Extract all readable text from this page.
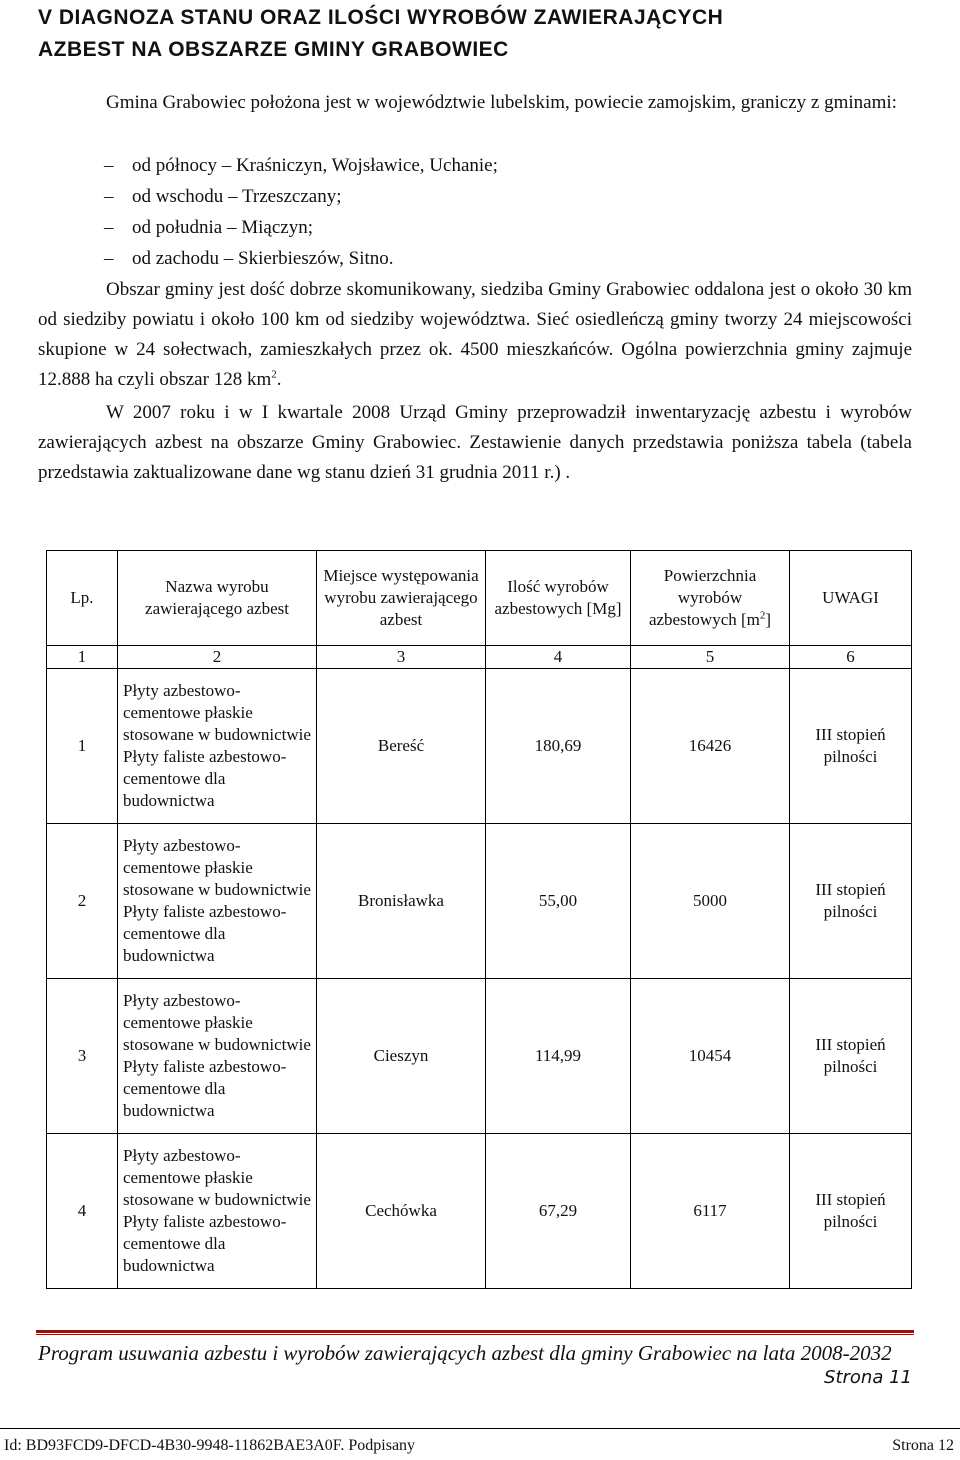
V DIAGNOZA STANU ORAZ ILOŚCI WYROBÓW ZAWIERAJĄCYCH
AZBEST NA OBSZARZE GMINY GRABOWIEC

Gmina Grabowiec położona jest w województwie lubelskim, powiecie zamojskim, graniczy z gminami:

– od północy – Kraśniczyn, Wojsławice, Uchanie;
– od wschodu – Trzeszczany;
– od południa – Miączyn;
– od zachodu – Skierbieszów, Sitno.

Obszar gminy jest dość dobrze skomunikowany, siedziba Gminy Grabowiec oddalona jest o około 30 km od siedziby powiatu i około 100 km od siedziby województwa. Sieć osiedleńczą gminy tworzy 24 miejscowości skupione w 24 sołectwach, zamieszkałych przez ok. 4500 mieszkańców. Ogólna powierzchnia gminy zajmuje 12.888 ha czyli obszar 128 $km^2$.

W 2007 roku i w I kwartale 2008 Urząd Gminy przeprowadził inwentaryzację azbestu i wyrobów zawierających azbest na obszarze Gminy Grabowiec. Zestawienie danych przedstawia poniższa tabela (tabela przedstawia zaktualizowane dane wg stanu dzień 31 grudnia 2011 r.) .

Lp.	Nazwa wyrobu zawierającego azbest	Miejsce występowania wyrobu zawierającego azbest	Ilość wyrobów azbestowych [Mg]	Powierzchnia wyrobów azbestowych $[m^2]$	UWAGI
1	2	3	4	5	6
1	Płyty azbestowo-cementowe płaskie stosowane w budownictwie Płyty faliste azbestowo-cementowe dla budownictwa	Bereść	180,69	16426	III stopień pilności
2	Płyty azbestowo-cementowe płaskie stosowane w budownictwie Płyty faliste azbestowo-cementowe dla budownictwa	Bronisławka	55,00	5000	III stopień pilności
3	Płyty azbestowo-cementowe płaskie stosowane w budownictwie Płyty faliste azbestowo-cementowe dla budownictwa	Cieszyn	114,99	10454	III stopień pilności
4	Płyty azbestowo-cementowe płaskie stosowane w budownictwie Płyty faliste azbestowo-cementowe dla budownictwa	Cechówka	67,29	6117	III stopień pilności
Program usuwania azbestu i wyrobów zawierających azbest dla gminy Grabowiec na lata 2008-2032
Strona 11
Id: BD93FCD9-DFCD-4B30-9948-11862BAE3A0F. Podpisany	Strona 12
